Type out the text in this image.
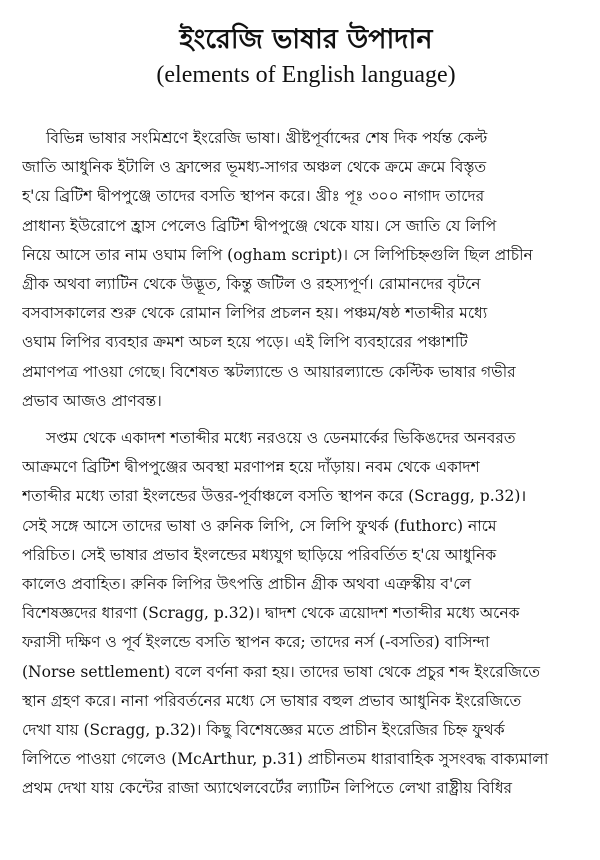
ইংরেজি ভাষার উপাদান
(elements of English language)

বিভিন্ন ভাষার সংমিশ্রণে ইংরেজি ভাষা। খ্রীষ্টপূর্বাব্দের শেষ দিক পর্যন্ত কেল্ট
জাতি আধুনিক ইটালি ও ফ্রান্সের ভূমধ্য-সাগর অঞ্চল থেকে ক্রমে ক্রমে বিস্তৃত
হ'য়ে ব্রিটিশ দ্বীপপুঞ্জে তাদের বসতি স্থাপন করে। খ্রীঃ পূঃ ৩০০ নাগাদ তাদের
প্রাধান্য ইউরোপে হ্রাস পেলেও ব্রিটিশ দ্বীপপুঞ্জে থেকে যায়। সে জাতি যে লিপি
নিয়ে আসে তার নাম ওঘাম লিপি (ogham script)। সে লিপিচিহ্নগুলি ছিল প্রাচীন
গ্রীক অথবা ল্যাটিন থেকে উদ্ভূত, কিন্তু জটিল ও রহস্যপূর্ণ। রোমানদের বৃটনে
বসবাসকালের শুরু থেকে রোমান লিপির প্রচলন হয়। পঞ্চম/ষষ্ঠ শতাব্দীর মধ্যে
ওঘাম লিপির ব্যবহার ক্রমশ অচল হয়ে পড়ে। এই লিপি ব্যবহারের পঞ্চাশটি
প্রমাণপত্র পাওয়া গেছে। বিশেষত স্কটল্যান্ডে ও আয়ারল্যান্ডে কেল্টিক ভাষার গভীর
প্রভাব আজও প্রাণবন্ত।

সপ্তম থেকে একাদশ শতাব্দীর মধ্যে নরওয়ে ও ডেনমার্কের ভিকিঙদের অনবরত
আক্রমণে ব্রিটিশ দ্বীপপুঞ্জের অবস্থা মরণাপন্ন হয়ে দাঁড়ায়। নবম থেকে একাদশ
শতাব্দীর মধ্যে তারা ইংলন্ডের উত্তর-পূর্বাঞ্চলে বসতি স্থাপন করে (Scragg, p.32)।
সেই সঙ্গে আসে তাদের ভাষা ও রুনিক লিপি, সে লিপি ফুথর্ক (futhorc) নামে
পরিচিত। সেই ভাষার প্রভাব ইংলন্ডের মধ্যযুগ ছাড়িয়ে পরিবর্তিত হ'য়ে আধুনিক
কালেও প্রবাহিত। রুনিক লিপির উৎপত্তি প্রাচীন গ্রীক অথবা এত্রুস্কীয় ব'লে
বিশেষজ্ঞদের ধারণা (Scragg, p.32)। দ্বাদশ থেকে ত্রয়োদশ শতাব্দীর মধ্যে অনেক
ফরাসী দক্ষিণ ও পূর্ব ইংলন্ডে বসতি স্থাপন করে; তাদের নর্স (-বসতির) বাসিন্দা
(Norse settlement) বলে বর্ণনা করা হয়। তাদের ভাষা থেকে প্রচুর শব্দ ইংরেজিতে
স্থান গ্রহণ করে। নানা পরিবর্তনের মধ্যে সে ভাষার বহুল প্রভাব আধুনিক ইংরেজিতে
দেখা যায় (Scragg, p.32)। কিছু বিশেষজ্ঞের মতে প্রাচীন ইংরেজির চিহ্ন ফুথর্ক
লিপিতে পাওয়া গেলেও (McArthur, p.31) প্রাচীনতম ধারাবাহিক সুসংবদ্ধ বাক্যমালা
প্রথম দেখা যায় কেন্টের রাজা অ্যাথেলবের্টের ল্যাটিন লিপিতে লেখা রাষ্ট্রীয় বিধির
